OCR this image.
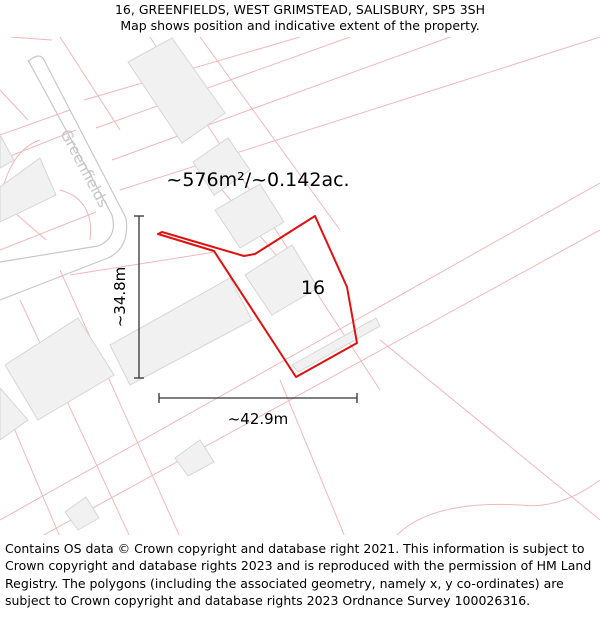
16, GREENFIELDS, WEST GRIMSTEAD, SALISBURY, SP5 3SH
Map shows position and indicative extent of the property.
Greenfields	~576m²/~0.142ac.
16
~34.8m
~42.9m
Contains OS data © Crown copyright and database right 2021. This information is subject to Crown copyright and database rights 2023 and is reproduced with the permission of HM Land Registry. The polygons (including the associated geometry, namely x, y co-ordinates) are subject to Crown copyright and database rights 2023 Ordnance Survey 100026316.
